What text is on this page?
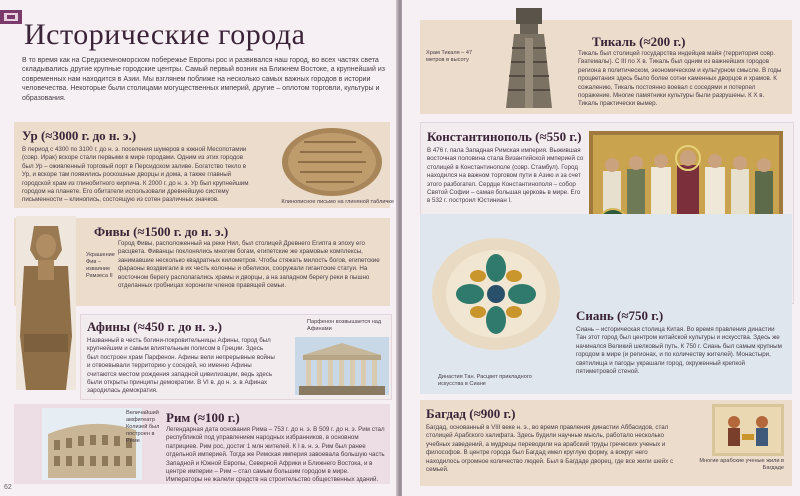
Исторические города
В то время как на Средиземноморском побережье Европы рос и развивался наш город, во всех частях света складывались другие крупные городские центры. Самый первый возник на Ближнем Востоке, а крупнейший из современных нам находится в Азии. Мы взглянем поближе на несколько самых важных городов в истории человечества. Некоторые были столицами могущественных империй, другие – оплотом торговли, культуры и образования.
Ур (≈3000 г. до н. э.)
В период с 4300 по 3100 г. до н. э. поселения шумеров в южной Месопотамии (совр. Ирак) вскоре стали первыми в мире городами. Одним из этих городов был Ур – оживленный торговый порт в Персидском заливе. Богатство текло в Ур, и вскоре там появились роскошные дворцы и дома, а также главный городской храм из глинобитного кирпича. К 2000 г. до н. э. Ур был крупнейшим городом на планете. Его обитатели использовали древнейшую систему письменности – клинопись, состоящую из сотен различных значков.	Клинописное письмо на глиняной табличке
Фивы (≈1500 г. до н. э.)
Город Фивы, расположенный на реке Нил, был столицей Древнего Египта в эпоху его расцвета. Фиванцы поклонялись многим богам, египетские же храмовые комплексы, занимавшие несколько квадратных километров. Чтобы стяжать милость богов, египетские фараоны воздвигали в их честь колонны и обелиски, сооружали гигантские статуи. На восточном берегу располагались храмы и дворцы, а на западном берегу реки в пышно отделанных гробницах хоронили членов правящей семьи.
Украшение Фив – изваяние Рамзеса II
Афины (≈450 г. до н. э.)
Названный в честь богини-покровительницы Афины, город был крупнейшим и самым влиятельным полисом в Греции. Здесь был построен храм Парфенон. Афины вели непрерывные войны и отвоевывали территорию у соседей, но именно Афины считаются местом рождения западной цивилизации, ведь здесь были открыты принципы демократии. В VI в. до н. э. в Афинах зародилась демократия.
Парфенон возвышается над Афинами
Величайший амфитеатр Колизей был построен в Риме
Рим (≈100 г.)
Легендарная дата основания Рима – 753 г. до н. э. В 509 г. до н. э. Рим стал республикой под управлением народных избранников, в основном патрициев. Рим рос, достиг 1 млн жителей. К I в. н. э. Рим был ранее отдельной империей. Тогда же Римская империя завоевала большую часть Западной и Южной Европы, Северной Африки и Ближнего Востока, и в центре империи – Рим – стал самым большим городом в мире. Императоры не жалели средств на строительство общественных зданий.
62
Храм Тикаля – 47 метров в высоту
Тикаль (≈200 г.)
Тикаль был столицей государства индейцев майя (территория совр. Гватемалы). С III по X в. Тикаль был одним из важнейших городов региона в политическом, экономическом и культурном смысле. В годы процветания здесь было более сотни каменных дворцов и храмов. К сожалению, Тикаль постоянно воевал с соседями и потерпел поражение. Многие памятники культуры были разрушены. К X в. Тикаль практически вымер.
Константинополь (≈550 г.)
В 476 г. пала Западная Римская империя. Выжившая восточная половина стала Византийской империей со столицей в Константинополе (совр. Стамбул). Город находился на важном торговом пути в Азию и за счет этого разбогател. Сердце Константинополя – собор Святой Софии – самая большая церковь в мире. Его в 532 г. построил Юстиниан I.
Династия Тан. Расцвет прикладного искусства в Сиане
Сиань (≈750 г.)
Сиань – историческая столица Китая. Во время правления династии Тан этот город был центром китайской культуры и искусства. Здесь же начинался Великий шелковый путь. К 750 г. Сиань был самым крупным городом в мире (и регионах, и по количеству жителей). Монастыри, святилища и пагоды украшали город, окруженный крепкой пятиметровой стеной.
Багдад (≈900 г.)
Багдад, основанный в VIII веке н. э., во время правления династии Аббасидов, стал столицей Арабского халифата. Здесь будили научные мысль, работало несколько учебных заведений, а мудрецы переводили на арабский труды греческих ученых и философов. В центре города был Багдад имел круглую форму, а вокруг него находилось огромное количество людей. Был в Багдаде дворец, где все жили шейх с семьей.
Многие арабские ученые жили в Багдаде
